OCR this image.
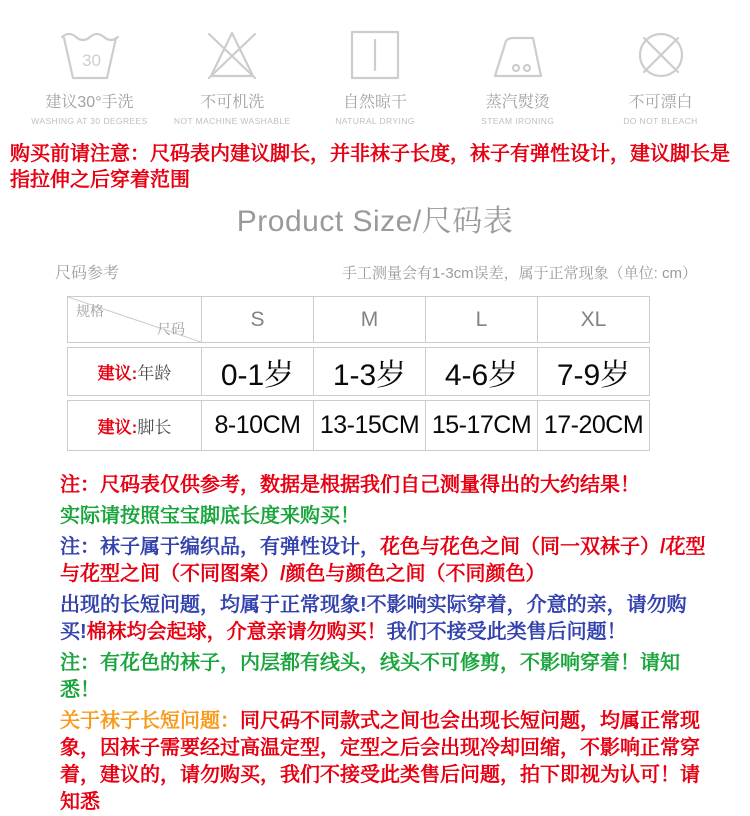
30
建议30°手洗
WASHING AT 30 DEGREES
不可机洗
NOT MACHINE WASHABLE
自然晾干
NATURAL DRYING
蒸汽熨烫
STEAM IRONING
不可漂白
DO NOT BLEACH
购买前请注意：尺码表内建议脚长，并非袜子长度，袜子有弹性设计，建议脚长是指拉伸之后穿着范围
Product Size/尺码表
尺码参考	手工测量会有1-3cm误差，属于正常现象（单位: cm）
规格
尺码	S	M	L	XL
建议: 年龄	0-1岁	1-3岁	4-6岁	7-9岁
建议: 脚长	8-10CM 13-15CM 15-17CM 17-20CM

注：尺码表仅供参考，数据是根据我们自己测量得出的大约结果！

实际请按照宝宝脚底长度来购买！

注：袜子属于编织品，有弹性设计，花色与花色之间（同一双袜子）/花型与花型之间（不同图案）/颜色与颜色之间（不同颜色）

出现的长短问题，均属于正常现象!不影响实际穿着，介意的亲，请勿购买!棉袜均会起球，介意亲请勿购买！我们不接受此类售后问题！

注：有花色的袜子，内层都有线头，线头不可修剪，不影响穿着！请知悉！

关于袜子长短问题：同尺码不同款式之间也会出现长短问题，均属正常现象，因袜子需要经过高温定型，定型之后会出现冷却回缩，不影响正常穿着，建议的，请勿购买，我们不接受此类售后问题，拍下即视为认可！请知悉
